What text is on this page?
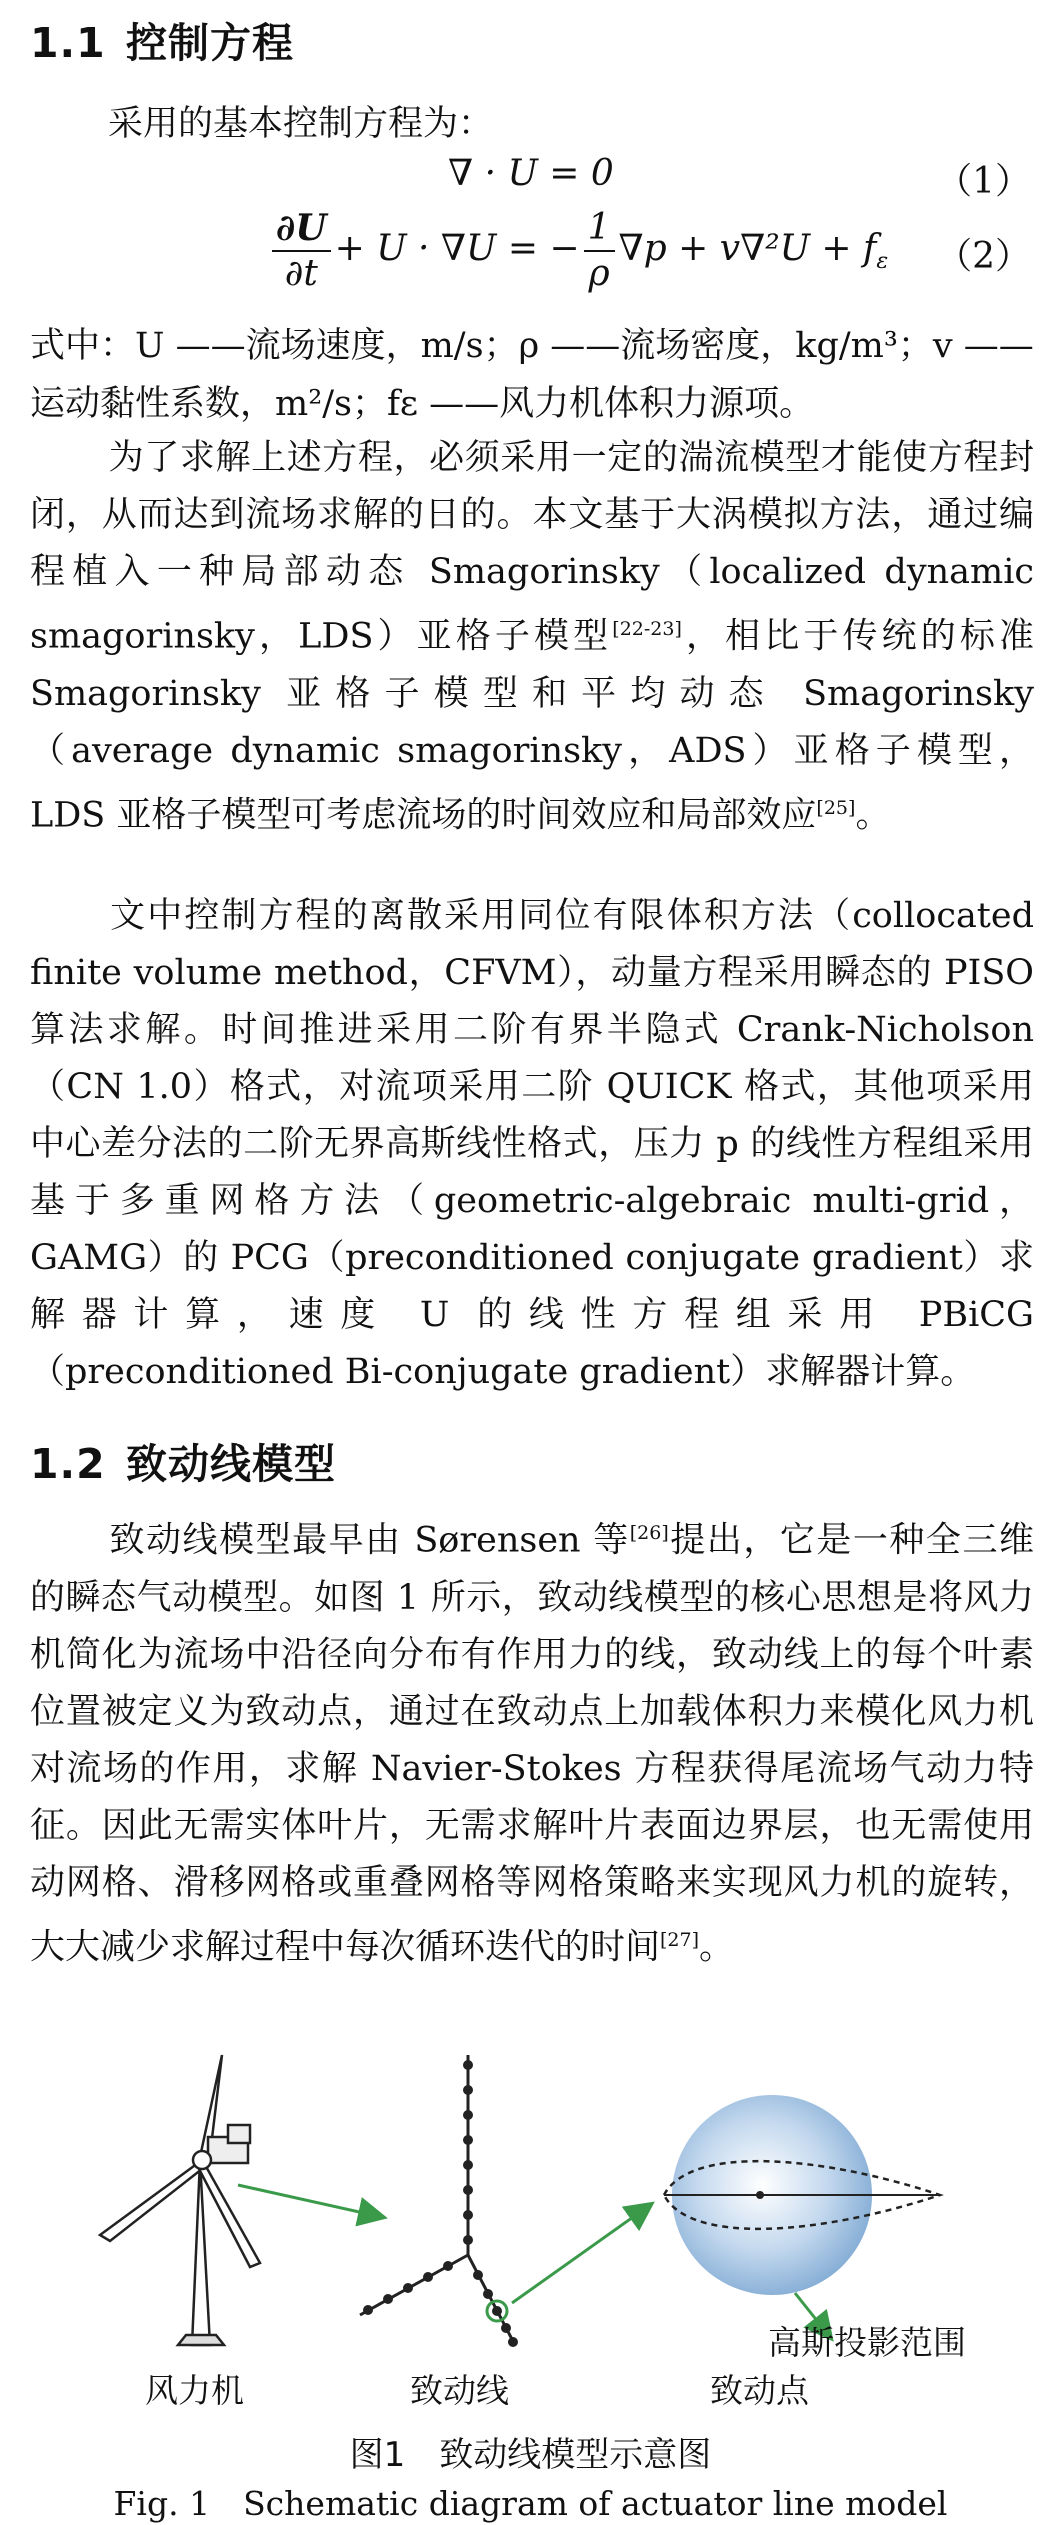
1.1 控制方程
采用的基本控制方程为：
∇ · U = 0	（1）
$\frac{\partial U}{\partial t} + U \cdot \nabla U$ = − $\frac{1}{\rho} \nabla p + v\nabla^2U + f_\varepsilon$ （2）
式中：U ——流场速度，m/s；ρ ——流场密度，kg/m³；v ——
运动黏性系数，m²/s；fε ——风力机体积力源项。

为了求解上述方程，必须采用一定的湍流模型才能使方程封闭，从而达到流场求解的日的。本文基于大涡模拟方法，通过编程植入一种局部动态 Smagorinsky（localized dynamic smagorinsky，LDS）亚格子模型[22-23]，相比于传统的标准 Smagorinsky 亚格子模型和平均动态 Smagorinsky（average dynamic smagorinsky，ADS）亚格子模型，LDS 亚格子模型可考虑流场的时间效应和局部效应[25]。

文中控制方程的离散采用同位有限体积方法（collocated finite volume method，CFVM），动量方程采用瞬态的 PISO 算法求解。时间推进采用二阶有界半隐式 Crank-Nicholson（CN 1.0）格式，对流项采用二阶 QUICK 格式，其他项采用中心差分法的二阶无界高斯线性格式，压力 p 的线性方程组采用基于多重网格方法（geometric-algebraic multi-grid，GAMG）的 PCG（preconditioned conjugate gradient）求解器计算，速度 U 的线性方程组采用 PBiCG（preconditioned Bi-conjugate gradient）求解器计算。

1.2 致动线模型

致动线模型最早由 Sørensen 等[26]提出，它是一种全三维的瞬态气动模型。如图 1 所示，致动线模型的核心思想是将风力机简化为流场中沿径向分布有作用力的线，致动线上的每个叶素位置被定义为致动点，通过在致动点上加载体积力来模化风力机对流场的作用，求解 Navier-Stokes 方程获得尾流场气动力特征。因此无需实体叶片，无需求解叶片表面边界层，也无需使用动网格、滑移网格或重叠网格等网格策略来实现风力机的旋转，大大减少求解过程中每次循环迭代的时间[27]。

高斯投影范围
风力机	致动线	致动点
图1　致动线模型示意图
Fig. 1　Schematic diagram of actuator line model
